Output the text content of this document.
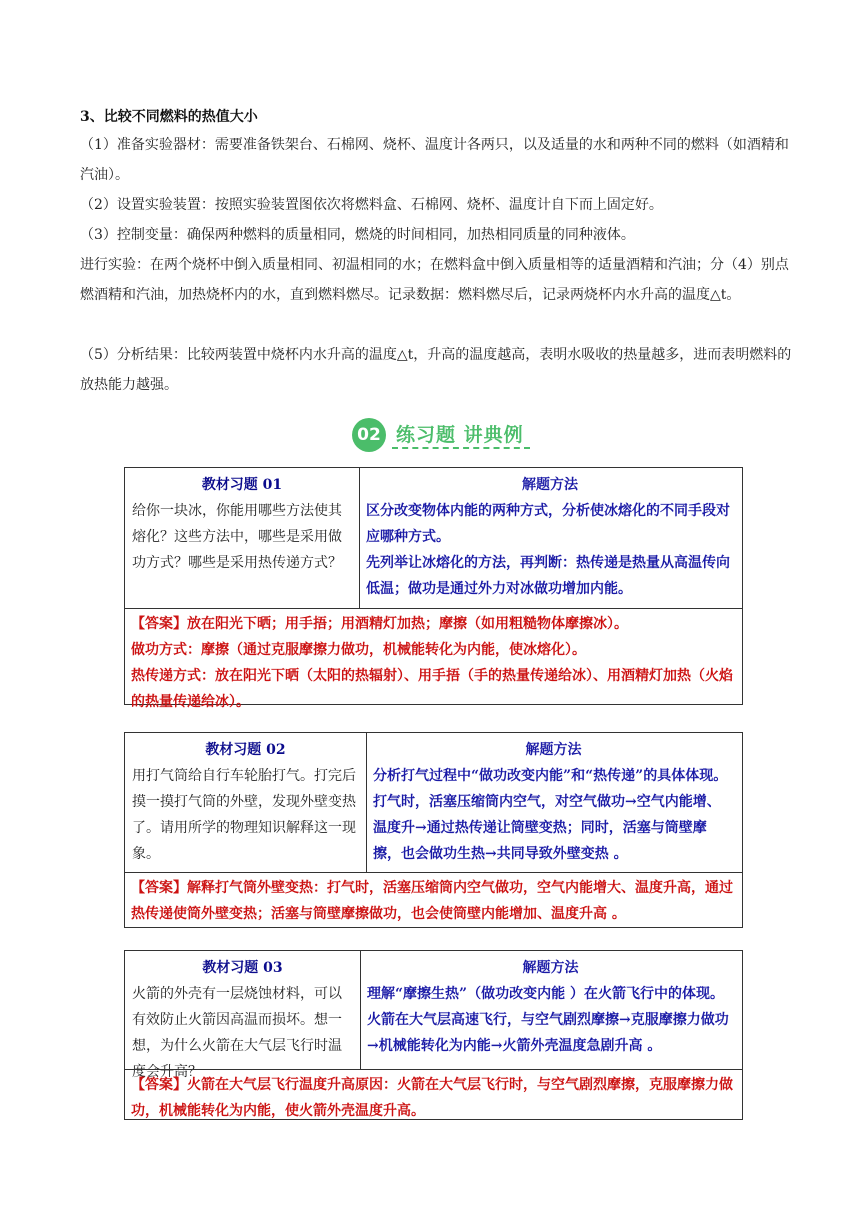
3、比较不同燃料的热值大小
（1）准备实验器材：需要准备铁架台、石棉网、烧杯、温度计各两只，以及适量的水和两种不同的燃料（如酒精和汽油）。
（2）设置实验装置：按照实验装置图依次将燃料盒、石棉网、烧杯、温度计自下而上固定好。
（3）控制变量：确保两种燃料的质量相同，燃烧的时间相同，加热相同质量的同种液体。
进行实验：在两个烧杯中倒入质量相同、初温相同的水；在燃料盒中倒入质量相等的适量酒精和汽油；分（4）别点燃酒精和汽油，加热烧杯内的水，直到燃料燃尽。记录数据：燃料燃尽后，记录两烧杯内水升高的温度△t。
（5）分析结果：比较两装置中烧杯内水升高的温度△t，升高的温度越高，表明水吸收的热量越多，进而表明燃料的放热能力越强。
02 练习题 讲典例
教材习题 01
给你一块冰，你能用哪些方法使其熔化？这些方法中，哪些是采用做功方式？哪些是采用热传递方式？
解题方法
区分改变物体内能的两种方式，分析使冰熔化的不同手段对应哪种方式。
先列举让冰熔化的方法，再判断：热传递是热量从高温传向低温；做功是通过外力对冰做功增加内能。
【答案】放在阳光下晒；用手捂；用酒精灯加热；摩擦（如用粗糙物体摩擦冰）。
做功方式：摩擦（通过克服摩擦力做功，机械能转化为内能，使冰熔化）。
热传递方式：放在阳光下晒（太阳的热辐射）、用手捂（手的热量传递给冰）、用酒精灯加热（火焰的热量传递给冰）。
教材习题 02
用打气筒给自行车轮胎打气。打完后摸一摸打气筒的外壁，发现外壁变热了。请用所学的物理知识解释这一现象。
解题方法
分析打气过程中“做功改变内能”和“热传递”的具体体现。
打气时，活塞压缩筒内空气，对空气做功→空气内能增、温度升→通过热传递让筒壁变热；同时，活塞与筒壁摩擦，也会做功生热→共同导致外壁变热 。
【答案】解释打气筒外壁变热：打气时，活塞压缩筒内空气做功，空气内能增大、温度升高，通过热传递使筒外壁变热；活塞与筒壁摩擦做功，也会使筒壁内能增加、温度升高 。
教材习题 03
火箭的外壳有一层烧蚀材料，可以有效防止火箭因高温而损坏。想一想，为什么火箭在大气层飞行时温度会升高？
解题方法
理解“摩擦生热”（做功改变内能 ）在火箭飞行中的体现。
火箭在大气层高速飞行，与空气剧烈摩擦→克服摩擦力做功→机械能转化为内能→火箭外壳温度急剧升高 。
【答案】火箭在大气层飞行温度升高原因：火箭在大气层飞行时，与空气剧烈摩擦，克服摩擦力做功，机械能转化为内能，使火箭外壳温度升高。
